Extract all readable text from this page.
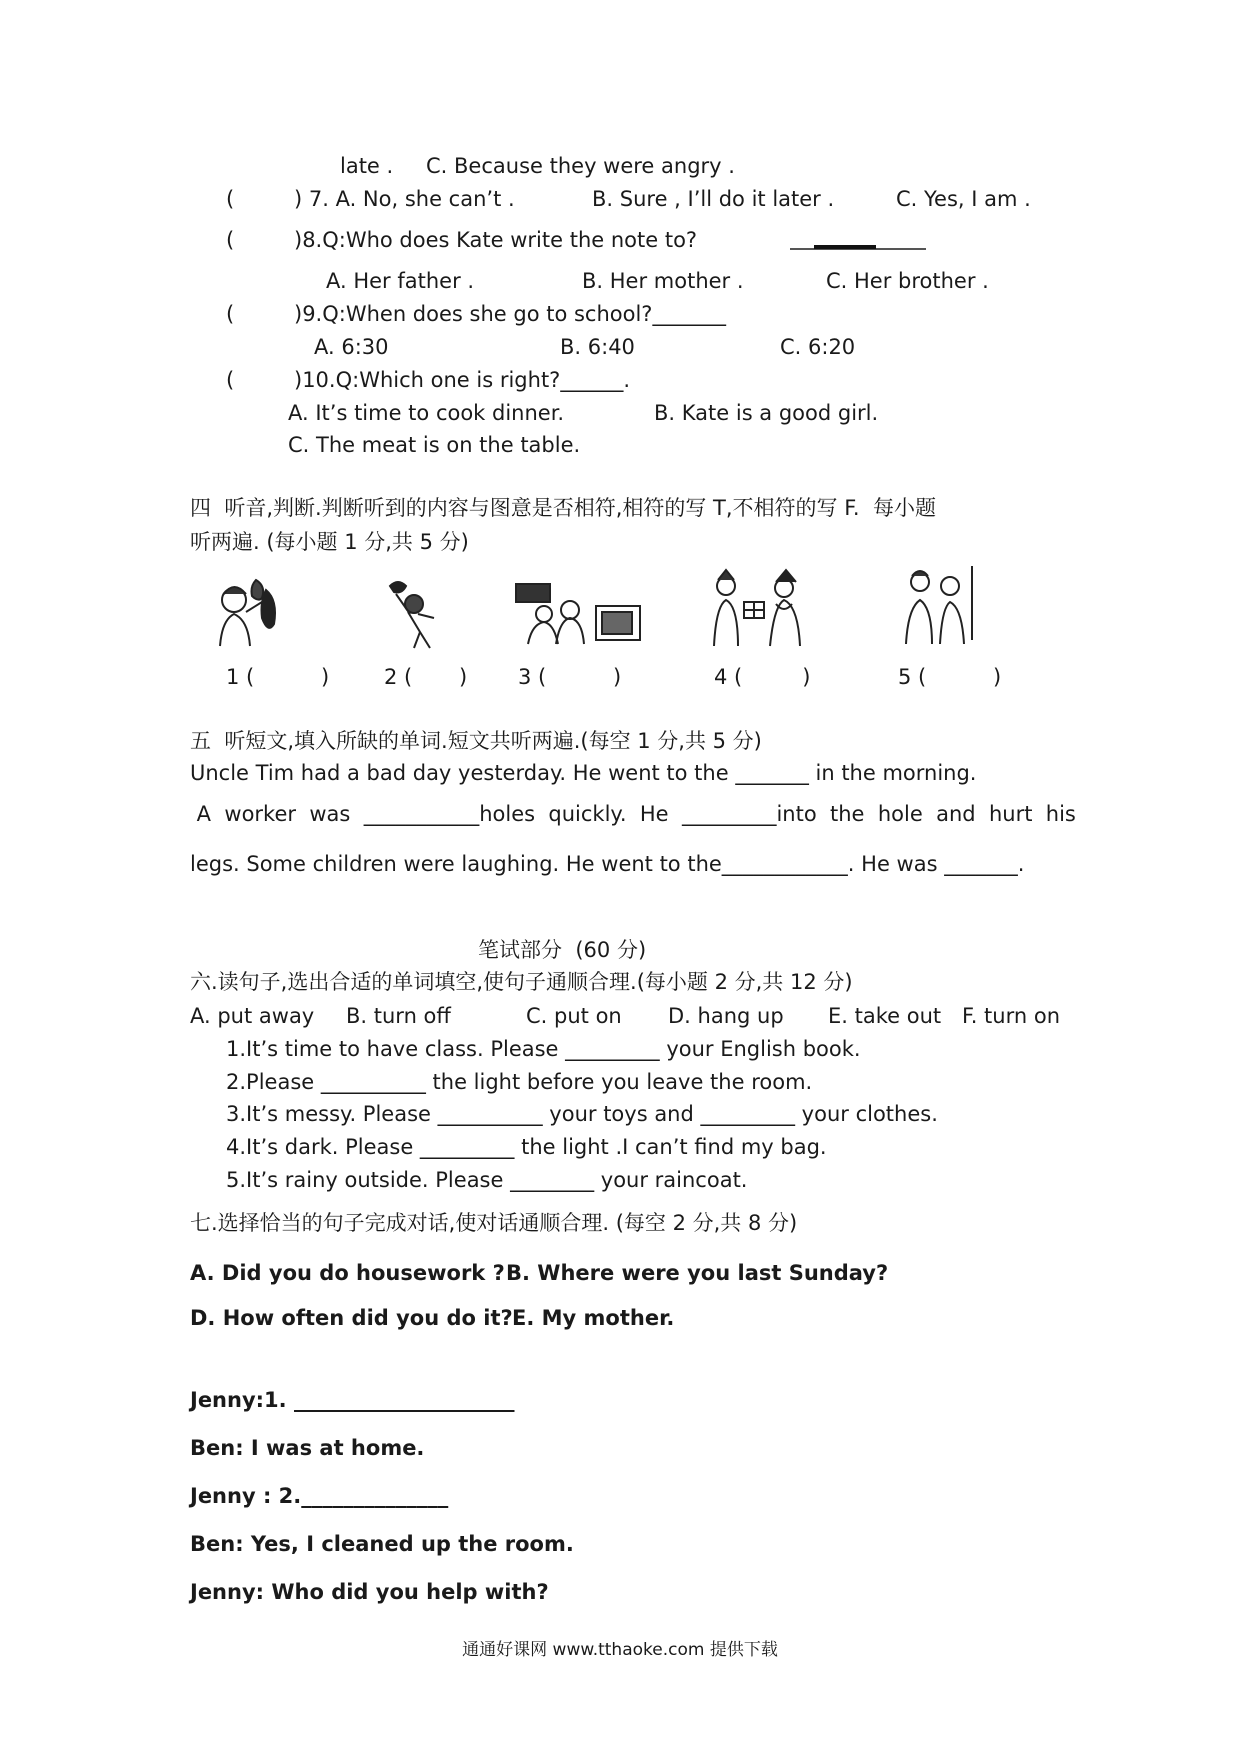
late . C. Because they were angry .
(	) 7. A. No, she can’t .	B. Sure , I’ll do it later .	C. Yes, I am .
(	)8.Q:Who does Kate write the note to?
A. Her father .	B. Her mother .	C. Her brother .
(	)9.Q:When does she go to school?_______
A. 6:30	B. 6:40	C. 6:20
(	)10.Q:Which one is right?______.
A. It’s time to cook dinner.	B. Kate is a good girl.
C. The meat is on the table.
四  听音,判断.判断听到的内容与图意是否相符,相符的写 T,不相符的写 F.  每小题
听两遍. (每小题 1 分,共 5 分)
1 (          )	2 (       ) 3 (          )	4 (         )	5 (          )
五  听短文,填入所缺的单词.短文共听两遍.(每空 1 分,共 5 分)
Uncle Tim had a bad day yesterday. He went to the _______ in the morning.
A  worker  was  ___________holes  quickly.  He  _________into  the  hole  and  hurt  his
legs. Some children were laughing. He went to the____________. He was _______.
笔试部分  (60 分)
六.读句子,选出合适的单词填空,使句子通顺合理.(每小题 2 分,共 12 分)
A. put away B. turn off	C. put on D. hang up E. take out F. turn on
1.It’s time to have class. Please _________ your English book.
2.Please __________ the light before you leave the room.
3.It’s messy. Please __________ your toys and _________ your clothes.
4.It’s dark. Please _________ the light .I can’t find my bag.
5.It’s rainy outside. Please ________ your raincoat.
七.选择恰当的句子完成对话,使对话通顺合理. (每空 2 分,共 8 分)
A. Did you do housework ? B. Where were you last Sunday?
D. How often did you do it? E. My mother.
Jenny:1. _____________________
Ben: I was at home.
Jenny : 2.______________
Ben: Yes, I cleaned up the room.
Jenny: Who did you help with?
通通好课网 www.tthaoke.com 提供下载
